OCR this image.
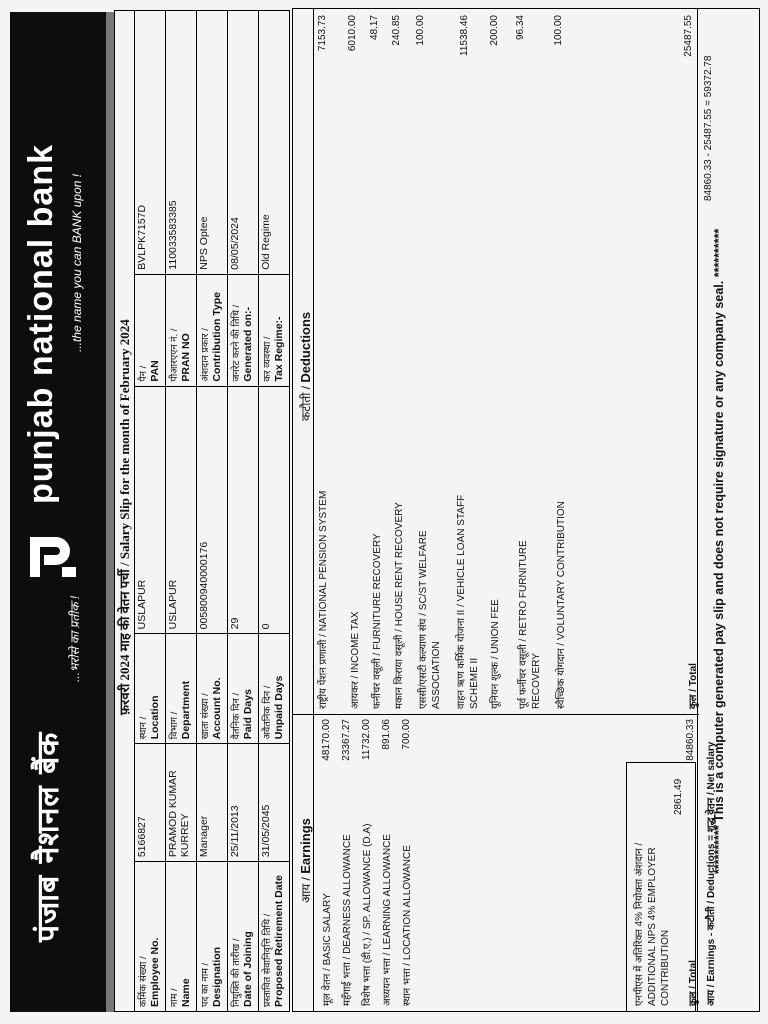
पंजाब नैशनल बैंक
...भरोसे का प्रतीक !
punjab national bank ...the name you can BANK upon !
फ़रवरी 2024 माह की वेतन पर्ची / Salary Slip for the month of February 2024
कर्मिक संख्या / Employee No.	5166827	स्थान / Location	USLAPUR	पैन / PAN	BVLPK7157D

नाम / Name	PRAMOD KUMAR KURREY	विभाग / Department	USLAPUR	पीआरएएन नं. / PRAN NO	110033583385

पद का नाम / Designation	Manager	खाता संख्या / Account No.	005800940000176	अंशदान प्रकार / Contribution Type	NPS Optee

नियुक्ति की तारीख / Date of Joining	25/11/2013	वैतनिक दिन / Paid Days	29	जनरेट करने की तिथि / Generated on:-	08/05/2024

प्रस्तावित सेवानिवृत्ति तिथि / Proposed Retirement Date	31/05/2045	अवैतनिक दिन / Unpaid Days	0	कर व्यवस्था / Tax Regime:-	Old Regime
आय / Earnings
कटौती / Deductions
मूल वेतन / BASIC SALARY
48170.00
महँगाई भत्ता / DEARNESS ALLOWANCE
23367.27
विशेष भत्ता (डी.ए.) / SP. ALLOWANCE (D.A)
11732.00
अध्ययन भत्ता / LEARNING ALLOWANCE
891.06
स्थान भत्ता / LOCATION ALLOWANCE
700.00
राष्ट्रीय पेंशन प्रणाली / NATIONAL PENSION SYSTEM
7153.73
आयकर / INCOME TAX
6010.00
फर्नीचर वसूली / FURNITURE RECOVERY
48.17
मकान किराया वसूली / HOUSE RENT RECOVERY
240.85
एससी/एसटी कल्याण संघ / SC/ST WELFARE ASSOCIATION
100.00
वाहन ऋण कर्मिक योजना II / VEHICLE LOAN STAFF SCHEME II
11538.46
यूनियन शुल्क / UNION FEE
200.00
पूर्व फर्नीचर वसूली / RETRO FURNITURE RECOVERY
96.34
स्वैच्छिक योगदान / VOLUNTARY CONTRIBUTION
100.00
कुल / Total
84860.33
कुल / Total
25487.55
आय / Earnings - कटौती / Deductions = शुद्ध वेतन / Net salary
84860.33 - 25487.55 = 59372.78
एनपीएस में अतिरिक्त 4% नियोक्ता अंशदान / ADDITIONAL NPS 4% EMPLOYER CONTRIBUTION
2861.49 ********** This is a computer generated pay slip and does not require signature or any company seal. **********
